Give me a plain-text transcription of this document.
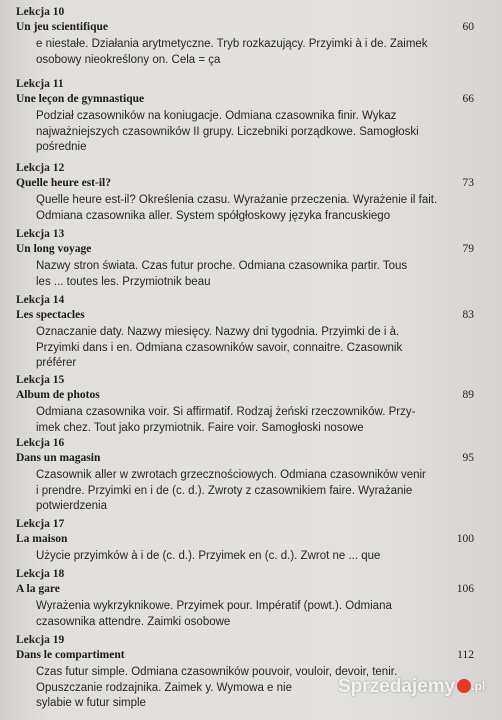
Lekcja 10
Un jeu scientifique	60
e niestałe. Działania arytmetyczne. Tryb rozkazujący. Przyimki à i de. Zaimek
osobowy nieokreślony on. Cela = ça
Lekcja 11
Une leçon de gymnastique	66
Podział czasowników na koniugacje. Odmiana czasownika finir. Wykaz
najważniejszych czasowników II grupy. Liczebniki porządkowe. Samogłoski
pośrednie
Lekcja 12
Quelle heure est-il?	73
Quelle heure est-il? Określenia czasu. Wyrażanie przeczenia. Wyrażenie il fait.
Odmiana czasownika aller. System spółgłoskowy języka francuskiego
Lekcja 13
Un long voyage	79
Nazwy stron świata. Czas futur proche. Odmiana czasownika partir. Tous
les ... toutes les. Przymiotnik beau
Lekcja 14
Les spectacles	83
Oznaczanie daty. Nazwy miesięcy. Nazwy dni tygodnia. Przyimki de i à.
Przyimki dans i en. Odmiana czasowników savoir, connaitre. Czasownik
préférer
Lekcja 15
Album de photos	89
Odmiana czasownika voir. Si affirmatif. Rodzaj żeński rzeczowników. Przy-
imek chez. Tout jako przymiotnik. Faire voir. Samogłoski nosowe
Lekcja 16
Dans un magasin	95
Czasownik aller w zwrotach grzecznościowych. Odmiana czasowników venir
i prendre. Przyimki en i de (c. d.). Zwroty z czasownikiem faire. Wyrażanie
potwierdzenia
Lekcja 17
La maison	100
Użycie przyimków à i de (c. d.). Przyimek en (c. d.). Zwrot ne ... que
Lekcja 18
A la gare	106
Wyrażenia wykrzyknikowe. Przyimek pour. Impératif (powt.). Odmiana
czasownika attendre. Zaimki osobowe
Lekcja 19
Dans le compartiment	112
Czas futur simple. Odmiana czasowników pouvoir, vouloir, devoir, tenir.
Opuszczanie rodzajnika. Zaimek y. Wymowa e nie
sylabie w futur simple
Sprzedajemy .pl
